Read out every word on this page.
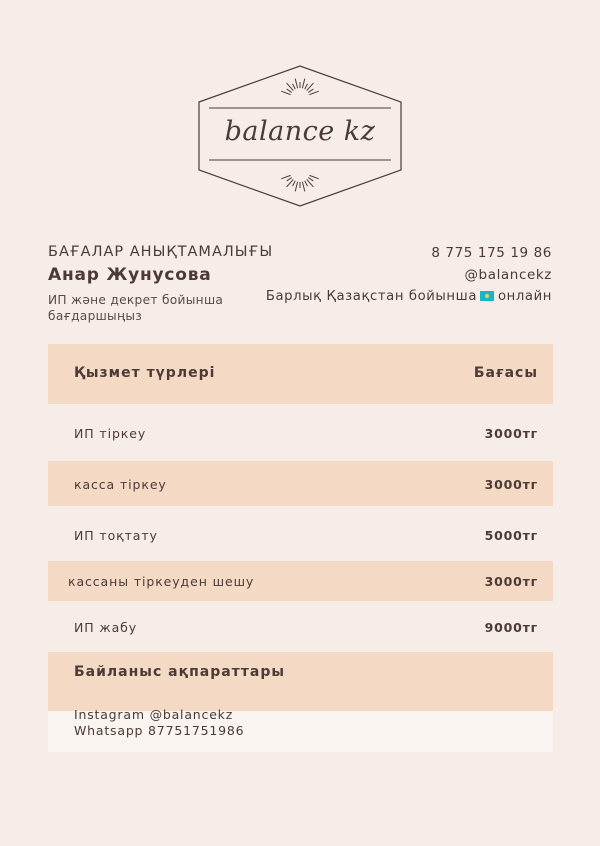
balance kz
БАҒАЛАР АНЫҚТАМАЛЫҒЫ
Анар Жунусова
ИП және декрет бойынша бағдаршыңыз
8 775 175 19 86
@balancekz
Барлық Қазақстан бойынша онлайн
Қызмет түрлері	Бағасы
ИП тіркеу	3000тг
касса тіркеу	3000тг
ИП тоқтату	5000тг
кассаны тіркеуден шешу	3000тг
ИП жабу	9000тг
Байланыс ақпараттары
Instagram @balancekz
Whatsapp 87751751986
